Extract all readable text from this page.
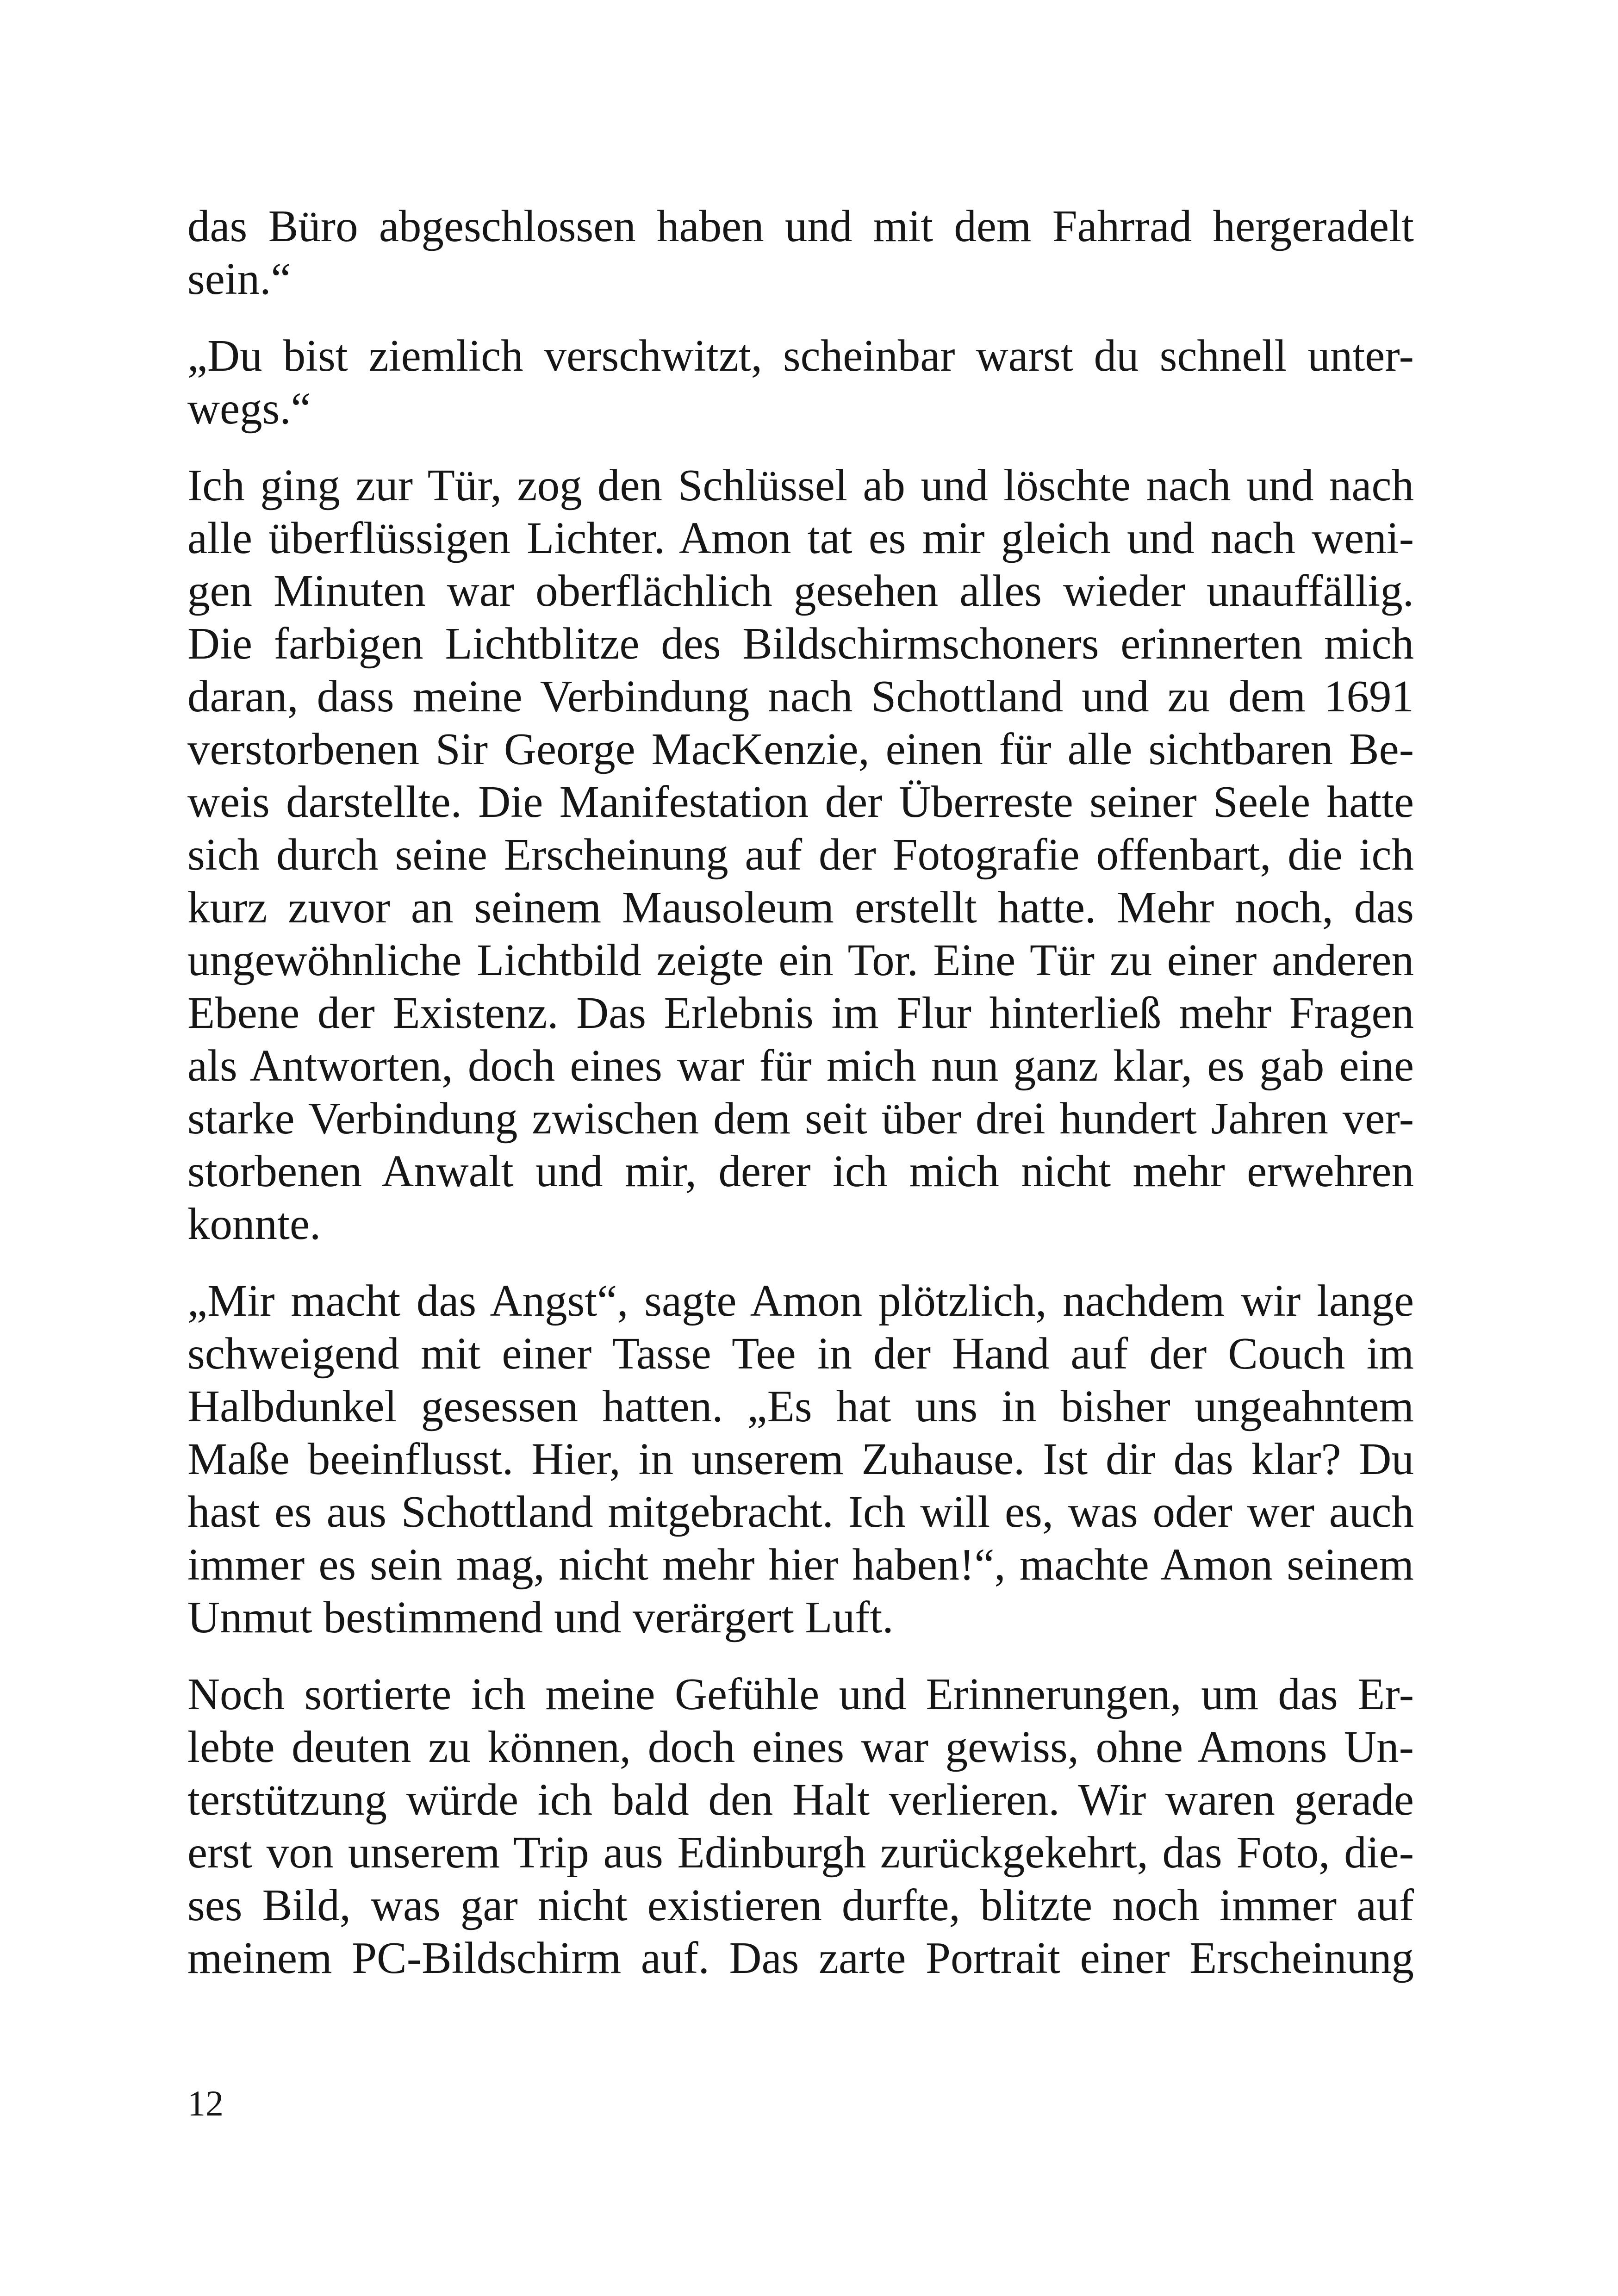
das Büro abgeschlossen haben und mit dem Fahrrad hergeradelt
sein.“
„Du bist ziemlich verschwitzt, scheinbar warst du schnell unter-
wegs.“
Ich ging zur Tür, zog den Schlüssel ab und löschte nach und nach
alle überflüssigen Lichter. Amon tat es mir gleich und nach weni-
gen Minuten war oberflächlich gesehen alles wieder unauffällig.
Die farbigen Lichtblitze des Bildschirmschoners erinnerten mich
daran, dass meine Verbindung nach Schottland und zu dem 1691
verstorbenen Sir George MacKenzie, einen für alle sichtbaren Be-
weis darstellte. Die Manifestation der Überreste seiner Seele hatte
sich durch seine Erscheinung auf der Fotografie offenbart, die ich
kurz zuvor an seinem Mausoleum erstellt hatte. Mehr noch, das
ungewöhnliche Lichtbild zeigte ein Tor. Eine Tür zu einer anderen
Ebene der Existenz. Das Erlebnis im Flur hinterließ mehr Fragen
als Antworten, doch eines war für mich nun ganz klar, es gab eine
starke Verbindung zwischen dem seit über drei hundert Jahren ver-
storbenen Anwalt und mir, derer ich mich nicht mehr erwehren
konnte.
„Mir macht das Angst“, sagte Amon plötzlich, nachdem wir lange
schweigend mit einer Tasse Tee in der Hand auf der Couch im
Halbdunkel gesessen hatten. „Es hat uns in bisher ungeahntem
Maße beeinflusst. Hier, in unserem Zuhause. Ist dir das klar? Du
hast es aus Schottland mitgebracht. Ich will es, was oder wer auch
immer es sein mag, nicht mehr hier haben!“, machte Amon seinem
Unmut bestimmend und verärgert Luft.
Noch sortierte ich meine Gefühle und Erinnerungen, um das Er-
lebte deuten zu können, doch eines war gewiss, ohne Amons Un-
terstützung würde ich bald den Halt verlieren. Wir waren gerade
erst von unserem Trip aus Edinburgh zurückgekehrt, das Foto, die-
ses Bild, was gar nicht existieren durfte, blitzte noch immer auf
meinem PC-Bildschirm auf. Das zarte Portrait einer Erscheinung
12
